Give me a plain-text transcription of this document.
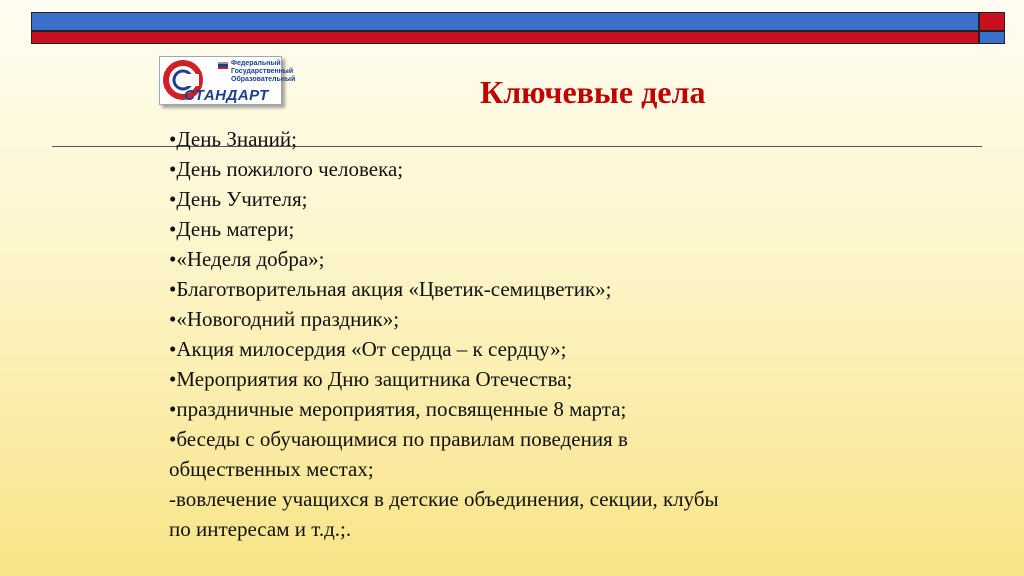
Федеральный
Государственный
Образовательный
СТАНДАРТ	Ключевые дела
•День Знаний;
•День пожилого человека;
•День Учителя;
•День матери;
•«Неделя добра»;
•Благотворительная акция «Цветик-семицветик»;
•«Новогодний праздник»;
•Акция милосердия «От сердца – к сердцу»;
•Мероприятия ко Дню защитника Отечества;
•праздничные мероприятия, посвященные 8 марта;
•беседы с обучающимися по правилам поведения в
общественных местах;
-вовлечение учащихся в детские объединения, секции, клубы
по интересам и т.д.;.
